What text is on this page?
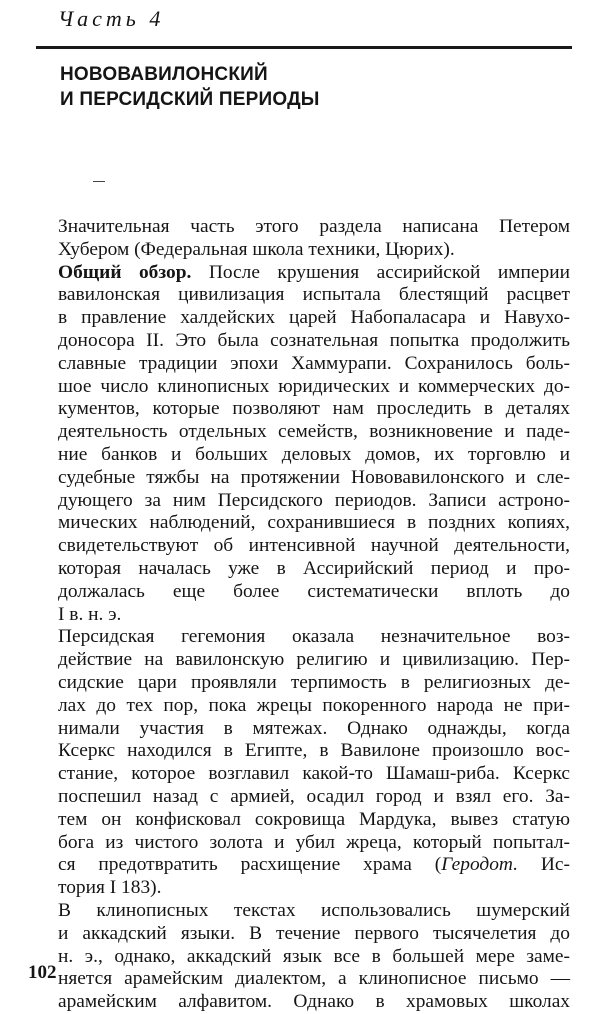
Часть 4
НОВОВАВИЛОНСКИЙ
И ПЕРСИДСКИЙ ПЕРИОДЫ
Значительная часть этого раздела написана Петером
Хубером (Федеральная школа техники, Цюрих).
Общий обзор. После крушения ассирийской империи
вавилонская цивилизация испытала блестящий расцвет
в правление халдейских царей Набопаласара и Навухо-
доносора II. Это была сознательная попытка продолжить
славные традиции эпохи Хаммурапи. Сохранилось боль-
шое число клинописных юридических и коммерческих до-
кументов, которые позволяют нам проследить в деталях
деятельность отдельных семейств, возникновение и паде-
ние банков и больших деловых домов, их торговлю и
судебные тяжбы на протяжении Нововавилонского и сле-
дующего за ним Персидского периодов. Записи астроно-
мических наблюдений, сохранившиеся в поздних копиях,
свидетельствуют об интенсивной научной деятельности,
которая началась уже в Ассирийский период и про-
должалась еще более систематически вплоть до
I в. н. э.
Персидская гегемония оказала незначительное воз-
действие на вавилонскую религию и цивилизацию. Пер-
сидские цари проявляли терпимость в религиозных де-
лах до тех пор, пока жрецы покоренного народа не при-
нимали участия в мятежах. Однако однажды, когда
Ксеркс находился в Египте, в Вавилоне произошло вос-
стание, которое возглавил какой-то Шамаш-риба. Ксеркс
поспешил назад с армией, осадил город и взял его. За-
тем он конфисковал сокровища Мардука, вывез статую
бога из чистого золота и убил жреца, который попытал-
ся предотвратить расхищение храма (Геродот. Ис-
тория I 183).
В клинописных текстах использовались шумерский
и аккадский языки. В течение первого тысячелетия до
н. э., однако, аккадский язык все в большей мере заме-
няется арамейским диалектом, а клинописное письмо —
арамейским алфавитом. Однако в храмовых школах
102
